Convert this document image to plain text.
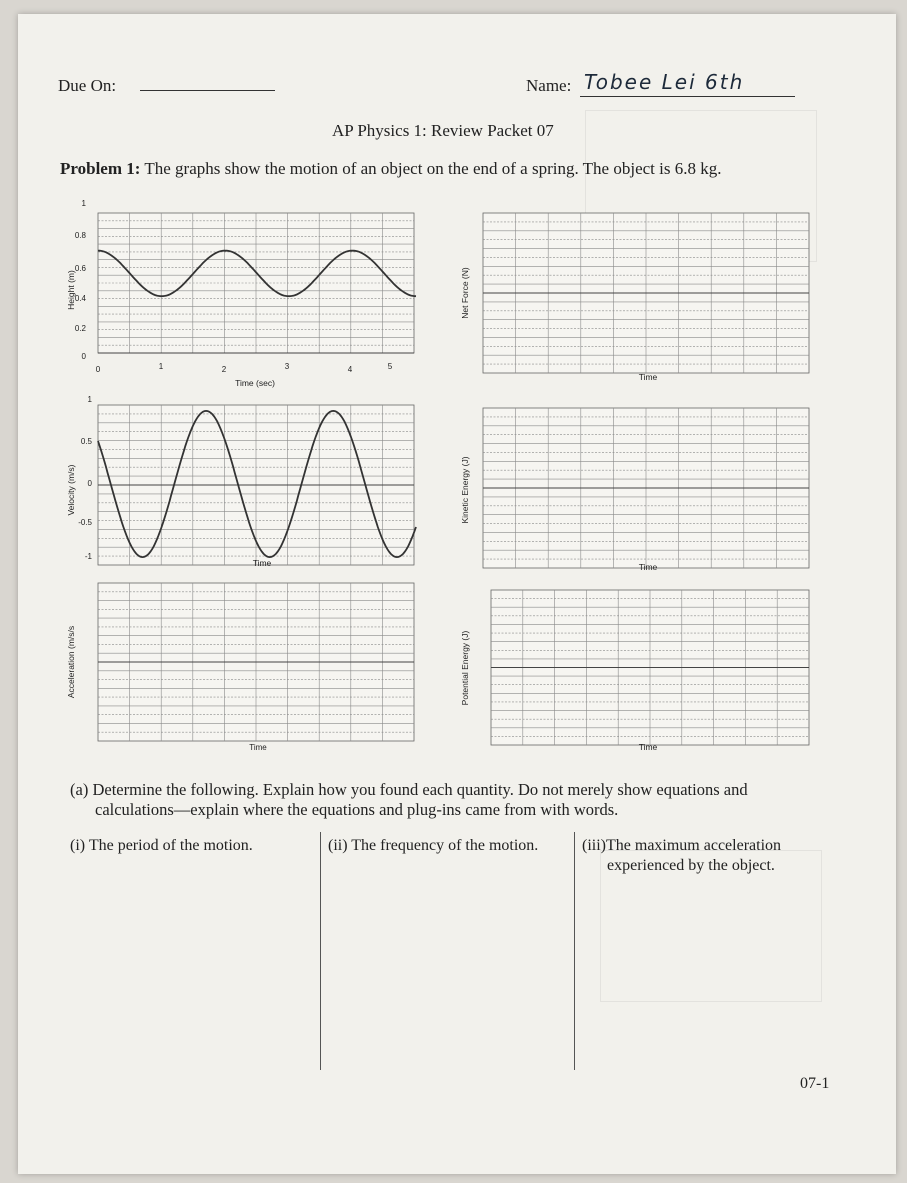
Due On:	Name: Tobee Lei 6th
AP Physics 1: Review Packet 07
Problem 1: The graphs show the motion of an object on the end of a spring. The object is 6.8 kg.
Height (m)
1
0.8
0.6
0.4
0.2
0
0	1	2	3	4	5
Time (sec)
Velocity (m/s)
1
0.5
0
-0.5
-1
Time
Acceleration (m/s/s
Time
Net Force (N)
Time
Kinetic Energy (J)
Time
Potential Energy (J)
Time
(a) Determine the following. Explain how you found each quantity. Do not merely show equations and
calculations—explain where the equations and plug-ins came from with words.
(i) The period of the motion.	(ii) The frequency of the motion.	(iii)The maximum acceleration
experienced by the object.
07-1
